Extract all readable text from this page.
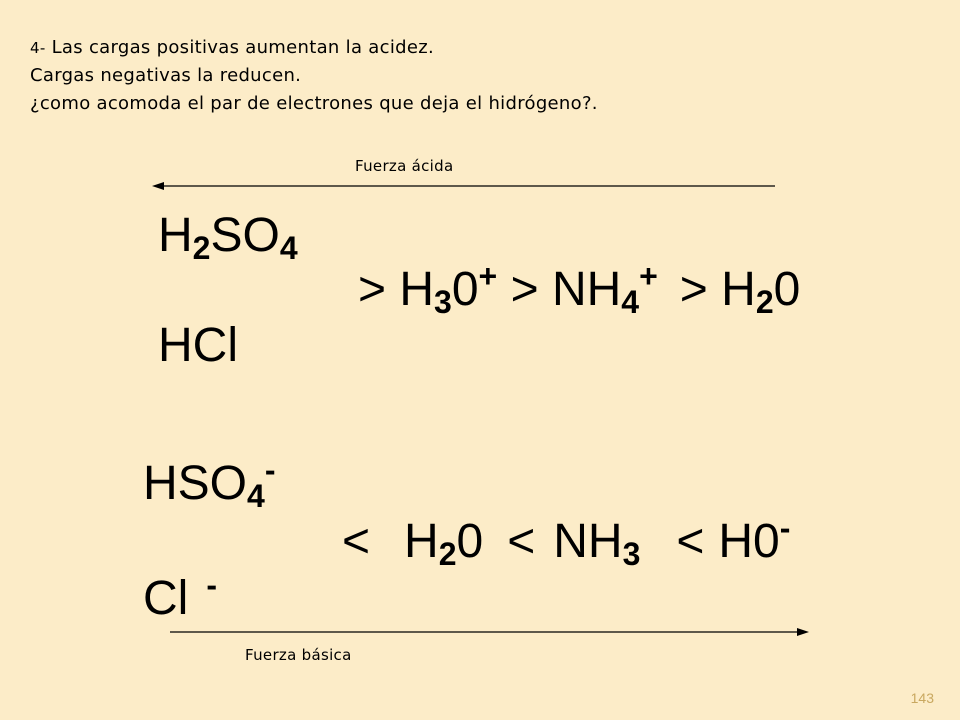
4- Las cargas positivas aumentan la acidez.
Cargas negativas la reducen.
¿como acomoda el par de electrones que deja el hidrógeno?.
Fuerza ácida
$H_2SO_4$
> $H_30^+ > NH_4^+ > H_20$
HCl
$HSO_4^-$
< $H_20 < NH_3 < H0^-$
Cl -
Fuerza básica
143
